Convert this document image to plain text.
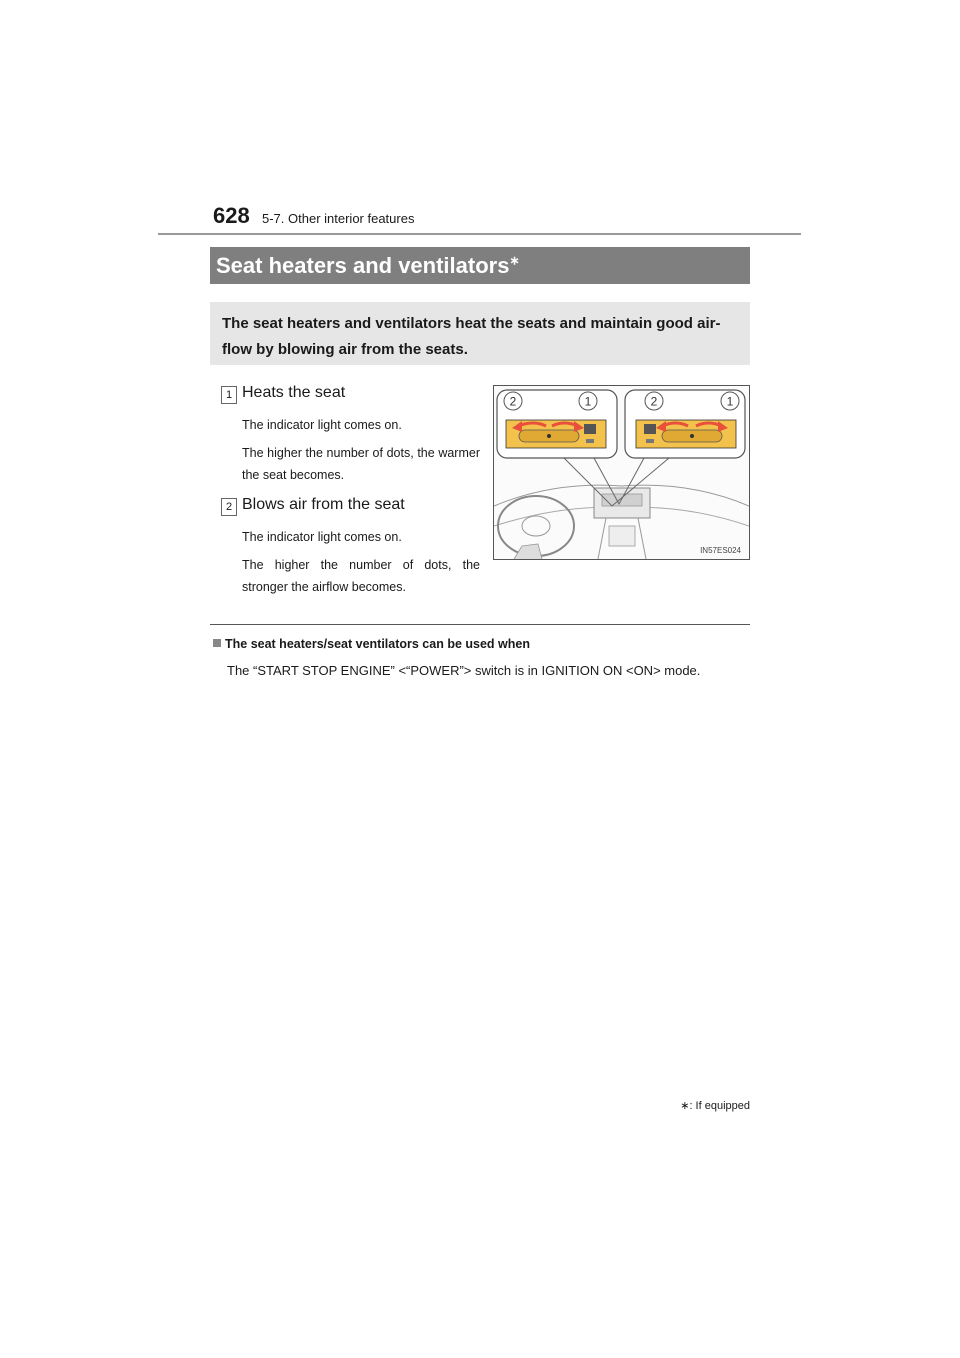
628 5-7. Other interior features
Seat heaters and ventilators∗
The seat heaters and ventilators heat the seats and maintain good air-flow by blowing air from the seats.
1 Heats the seat
The indicator light comes on.
The higher the number of dots, the warmer the seat becomes.
2 Blows air from the seat
The indicator light comes on.
The higher the number of dots, the stronger the airflow becomes.
2	1	2	1
IN57ES024
The seat heaters/seat ventilators can be used when
The “START STOP ENGINE” <“POWER”> switch is in IGNITION ON <ON> mode.
∗: If equipped
